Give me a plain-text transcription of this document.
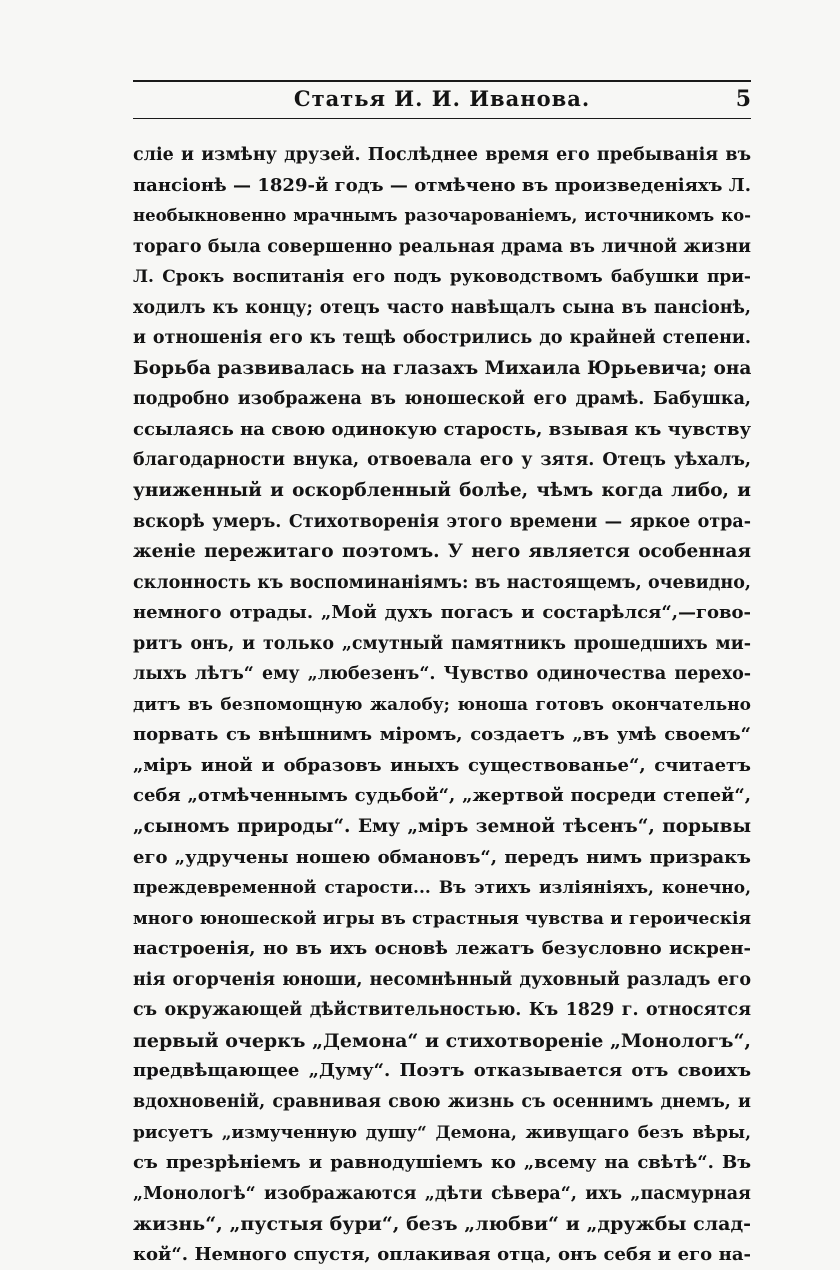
Статья И. И. Иванова.	5
слiе и измѣну друзей. Послѣднее время его пребыванiя въ
пансiонѣ — 1829-й годъ — отмѣчено въ произведенiяхъ Л.
необыкновенно мрачнымъ разочарованiемъ, источникомъ ко-
тораго была совершенно реальная драма въ личной жизни
Л. Срокъ воспитанiя его подъ руководствомъ бабушки при-
ходилъ къ концу; отецъ часто навѣщалъ сына въ пансiонѣ,
и отношенiя его къ тещѣ обострились до крайней степени.
Борьба развивалась на глазахъ Михаила Юрьевича; она
подробно изображена въ юношеской его драмѣ. Бабушка,
ссылаясь на свою одинокую старость, взывая къ чувству
благодарности внука, отвоевала его у зятя. Отецъ уѣхалъ,
униженный и оскорбленный болѣе, чѣмъ когда либо, и
вскорѣ умеръ. Стихотворенiя этого времени — яркое отра-
женiе пережитаго поэтомъ. У него является особенная
склонность къ воспоминанiямъ: въ настоящемъ, очевидно,
немного отрады. „Мой духъ погасъ и состарѣлся“,—гово-
ритъ онъ, и только „смутный памятникъ прошедшихъ ми-
лыхъ лѣтъ“ ему „любезенъ“. Чувство одиночества перехо-
дитъ въ безпомощную жалобу; юноша готовъ окончательно
порвать съ внѣшнимъ мiромъ, создаетъ „въ умѣ своемъ“
„мiръ иной и образовъ иныхъ существованье“, считаетъ
себя „отмѣченнымъ судьбой“, „жертвой посреди степей“,
„сыномъ природы“. Ему „мiръ земной тѣсенъ“, порывы
его „удручены ношею обмановъ“, передъ нимъ призракъ
преждевременной старости... Въ этихъ излiянiяхъ, конечно,
много юношеской игры въ страстныя чувства и героическiя
настроенiя, но въ ихъ основѣ лежатъ безусловно искрен-
нiя огорченiя юноши, несомнѣнный духовный разладъ его
съ окружающей дѣйствительностью. Къ 1829 г. относятся
первый очеркъ „Демона“ и стихотворенiе „Монологъ“,
предвѣщающее „Думу“. Поэтъ отказывается отъ своихъ
вдохновенiй, сравнивая свою жизнь съ осеннимъ днемъ, и
рисуетъ „измученную душу“ Демона, живущаго безъ вѣры,
съ презрѣнiемъ и равнодушiемъ ко „всему на свѣтѣ“. Въ
„Монологѣ“ изображаются „дѣти сѣвера“, ихъ „пасмурная
жизнь“, „пустыя бури“, безъ „любви“ и „дружбы слад-
кой“. Немного спустя, оплакивая отца, онъ себя и его на-
